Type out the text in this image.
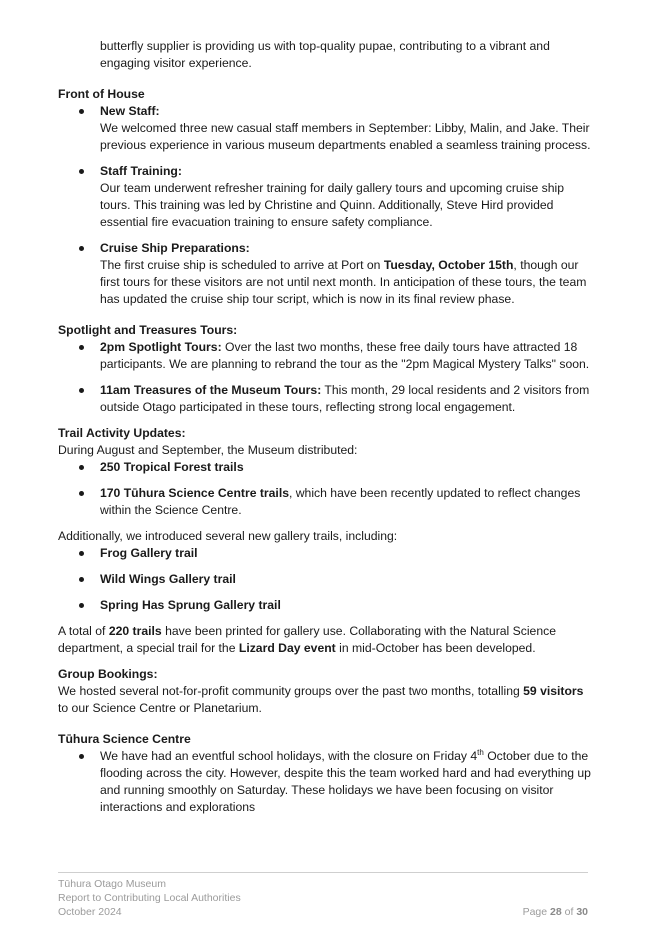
butterfly supplier is providing us with top-quality pupae, contributing to a vibrant and engaging visitor experience.

Front of House

New Staff:

We welcomed three new casual staff members in September: Libby, Malin, and Jake. Their previous experience in various museum departments enabled a seamless training process.

Staff Training:

Our team underwent refresher training for daily gallery tours and upcoming cruise ship tours. This training was led by Christine and Quinn. Additionally, Steve Hird provided essential fire evacuation training to ensure safety compliance.

Cruise Ship Preparations:

The first cruise ship is scheduled to arrive at Port on Tuesday, October 15th, though our first tours for these visitors are not until next month. In anticipation of these tours, the team has updated the cruise ship tour script, which is now in its final review phase.

Spotlight and Treasures Tours:

2pm Spotlight Tours: Over the last two months, these free daily tours have attracted 18 participants. We are planning to rebrand the tour as the "2pm Magical Mystery Talks" soon.

11am Treasures of the Museum Tours: This month, 29 local residents and 2 visitors from outside Otago participated in these tours, reflecting strong local engagement.

Trail Activity Updates:

During August and September, the Museum distributed:

250 Tropical Forest trails

170 Tūhura Science Centre trails, which have been recently updated to reflect changes within the Science Centre.

Additionally, we introduced several new gallery trails, including:

Frog Gallery trail

Wild Wings Gallery trail

Spring Has Sprung Gallery trail

A total of 220 trails have been printed for gallery use. Collaborating with the Natural Science department, a special trail for the Lizard Day event in mid-October has been developed.

Group Bookings:

We hosted several not-for-profit community groups over the past two months, totalling 59 visitors to our Science Centre or Planetarium.

Tūhura Science Centre

We have had an eventful school holidays, with the closure on Friday 4th October due to the flooding across the city. However, despite this the team worked hard and had everything up and running smoothly on Saturday. These holidays we have been focusing on visitor interactions and explorations

Tūhura Otago Museum
Report to Contributing Local Authorities
October 2024	Page 28 of 30
